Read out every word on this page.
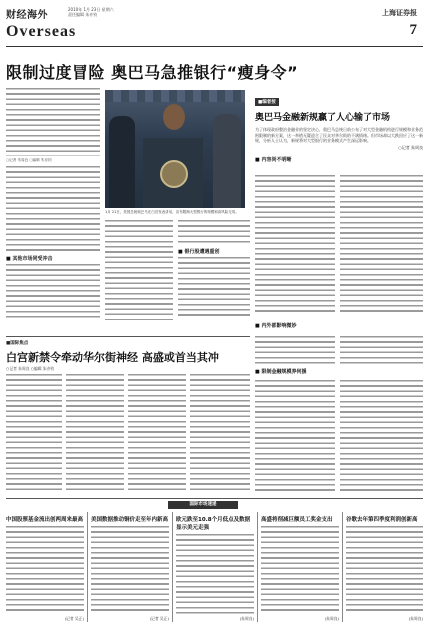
财经海外
2010年 1月 23日 星期六
责任编辑 朱亦钧	上海证券报
Overseas	7
限制过度冒险 奥巴马急推银行“瘦身令”
○记者 朱周良 ○编辑 朱亦钧
■ 其他市场同受冲击
1月 21日，美国总统奥巴马在白宫发表讲话，宣布限制大型银行的规模和高风险交易。
■ 银行股遭遇重创
■编者按
奥巴马金融新规赢了人心输了市场
为了体现政府整治金融业的坚定决心，奥巴马总统日前公布了对大型金融机构进行规模和业务范围限制的新方案，这一举措无疑迎合了民众对华尔街的不满情绪。但市场却以大跌回应了这一新规，分析人士认为，新规将对大型银行的业务模式产生深远影响。
○记者 朱周良
■ 内容尚不明晰
■ 内外部影响微妙
■国际焦点
白宫新禁令牵动华尔街神经 高盛或首当其冲
○记者 朱周良 ○编辑 朱亦钧
■ 限制金融规模养何援
国际市场速递
中国股票基金流出创两周来最高
(记者 吴正)
美国数据推动铜价走至年内新高
(记者 吴正)
欧元跌至10.8个月低点及数据显示美元走强
(朱周良)
高盛将削减巨额员工奖金支出
(朱周良)
谷歌去年第四季度利润创新高
(朱周良)
